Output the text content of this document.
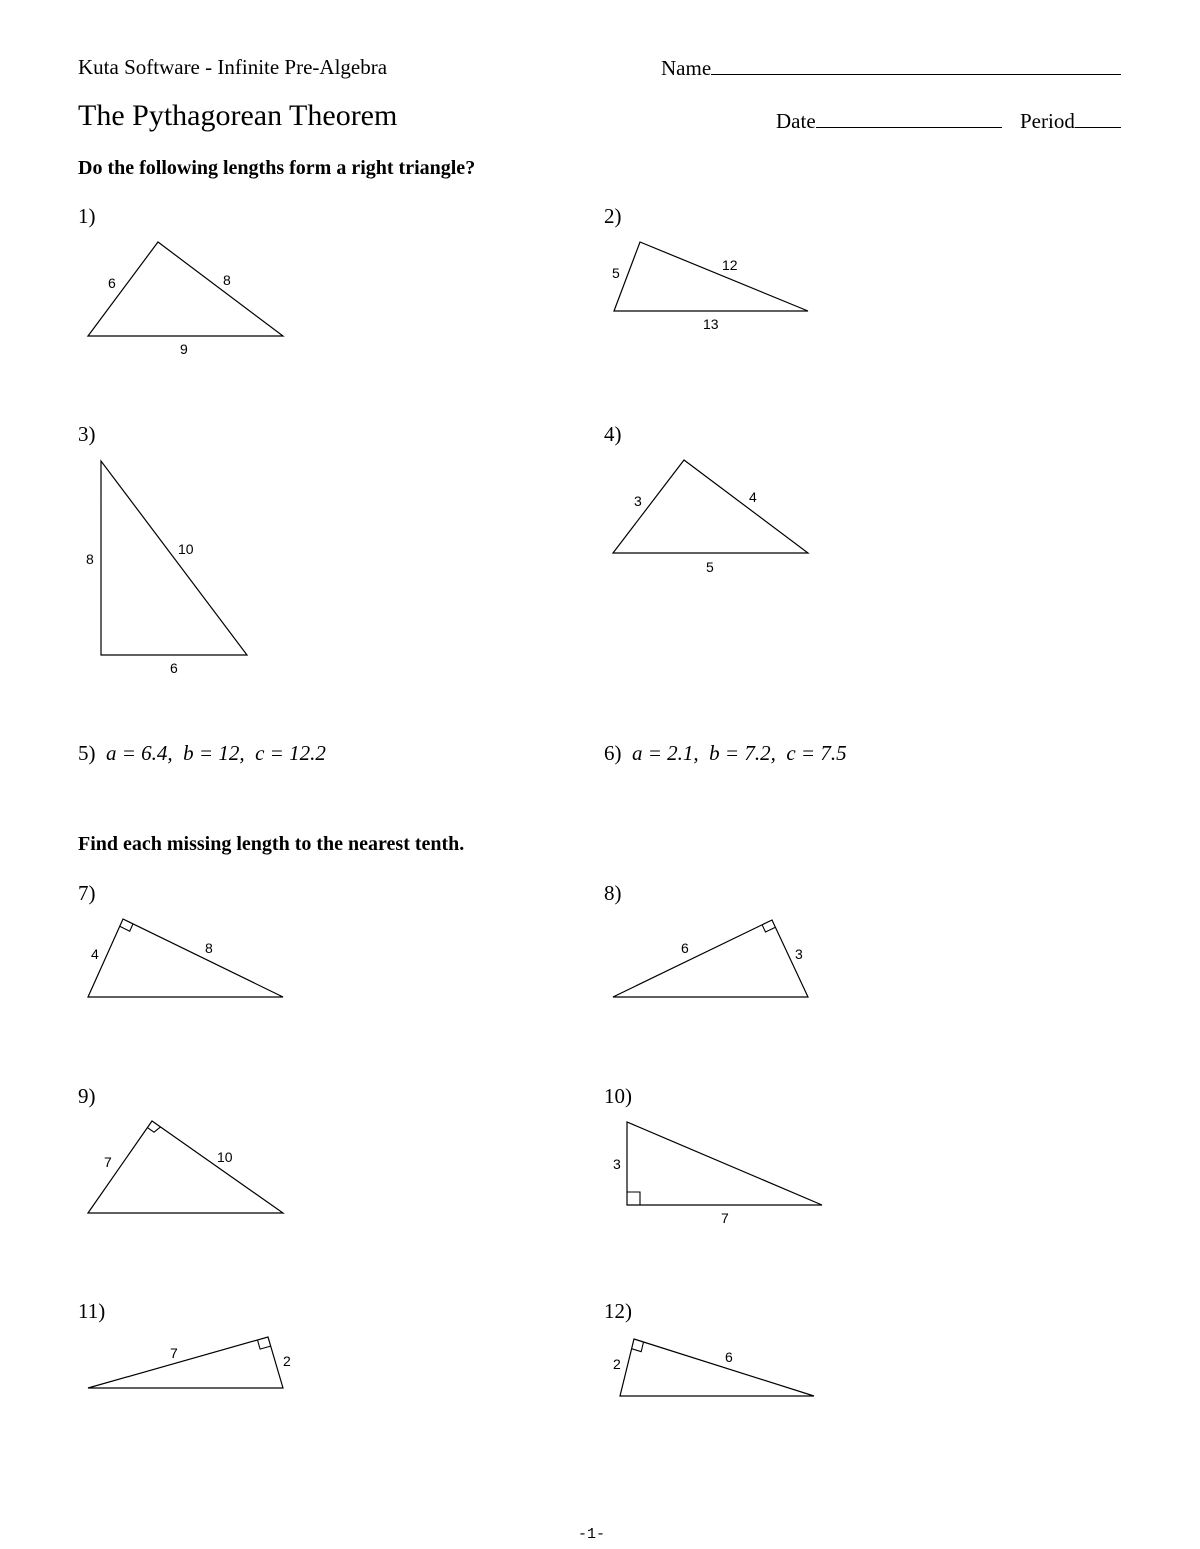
Kuta Software - Infinite Pre-Algebra	Name
The Pythagorean Theorem	Date	Period
Do the following lengths form a right triangle?
1)
6	8
9
5	12
13
8
10
6
3	4
5
4	8	6	3
7	10	3
7
7	2	2	6
2)
3)	4)
5) a = 6.4,  b = 12,  c = 12.2	6) a = 2.1,  b = 7.2,  c = 7.5
Find each missing length to the nearest tenth.
7)	8)
9)	10)
11)	12)
-1-
